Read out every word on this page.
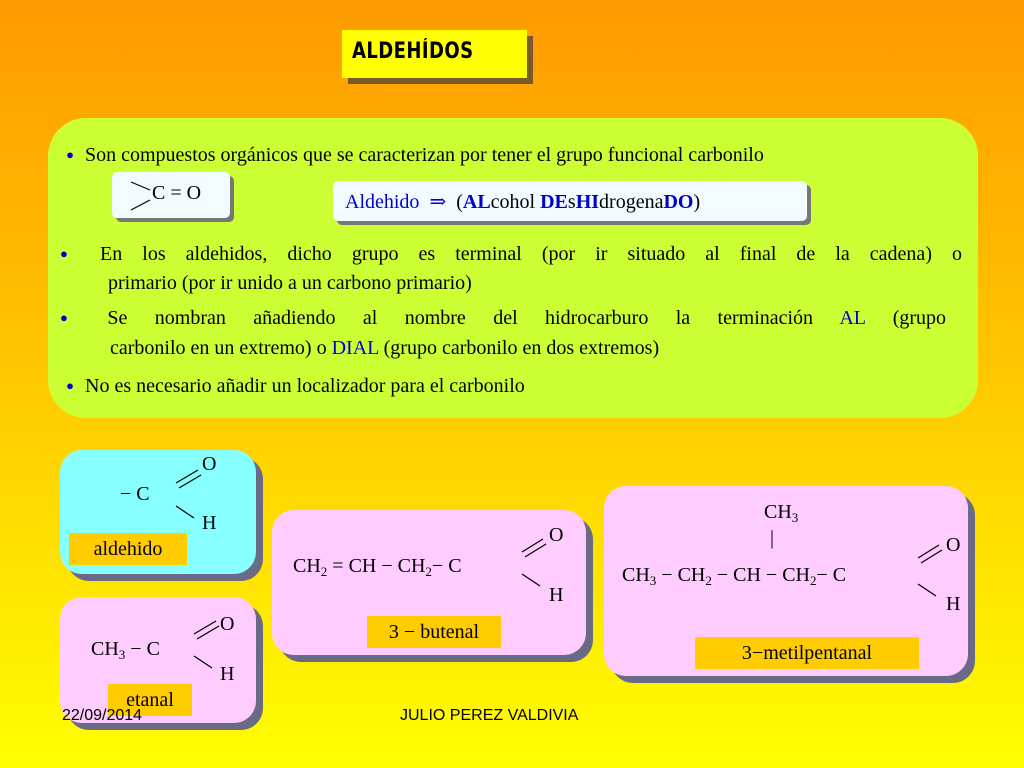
ALDEHÍDOS
● Son compuestos orgánicos que se caracterizan por tener el grupo funcional carbonilo
C = O	Aldehido ⇒ (ALcohol DEsHIdrogenaDO)
● En los aldehidos, dicho grupo es terminal (por ir situado al final de la cadena) o
primario (por ir unido a un carbono primario)
● Se nombran añadiendo al nombre del hidrocarburo la terminación AL (grupo
carbonilo en un extremo) o DIAL (grupo carbonilo en dos extremos)
● No es necesario añadir un localizador para el carbonilo
− C
O
H
aldehido
$CH_3 - C$
O
H
etanal
$CH_2$ = CH − $CH_2- C$
O
H
3 − butenal
$CH_3$
|
$CH_3 - CH_2$ − CH − $CH_2- C$
O
H
3−metilpentanal
22/09/2014	JULIO PEREZ VALDIVIA
